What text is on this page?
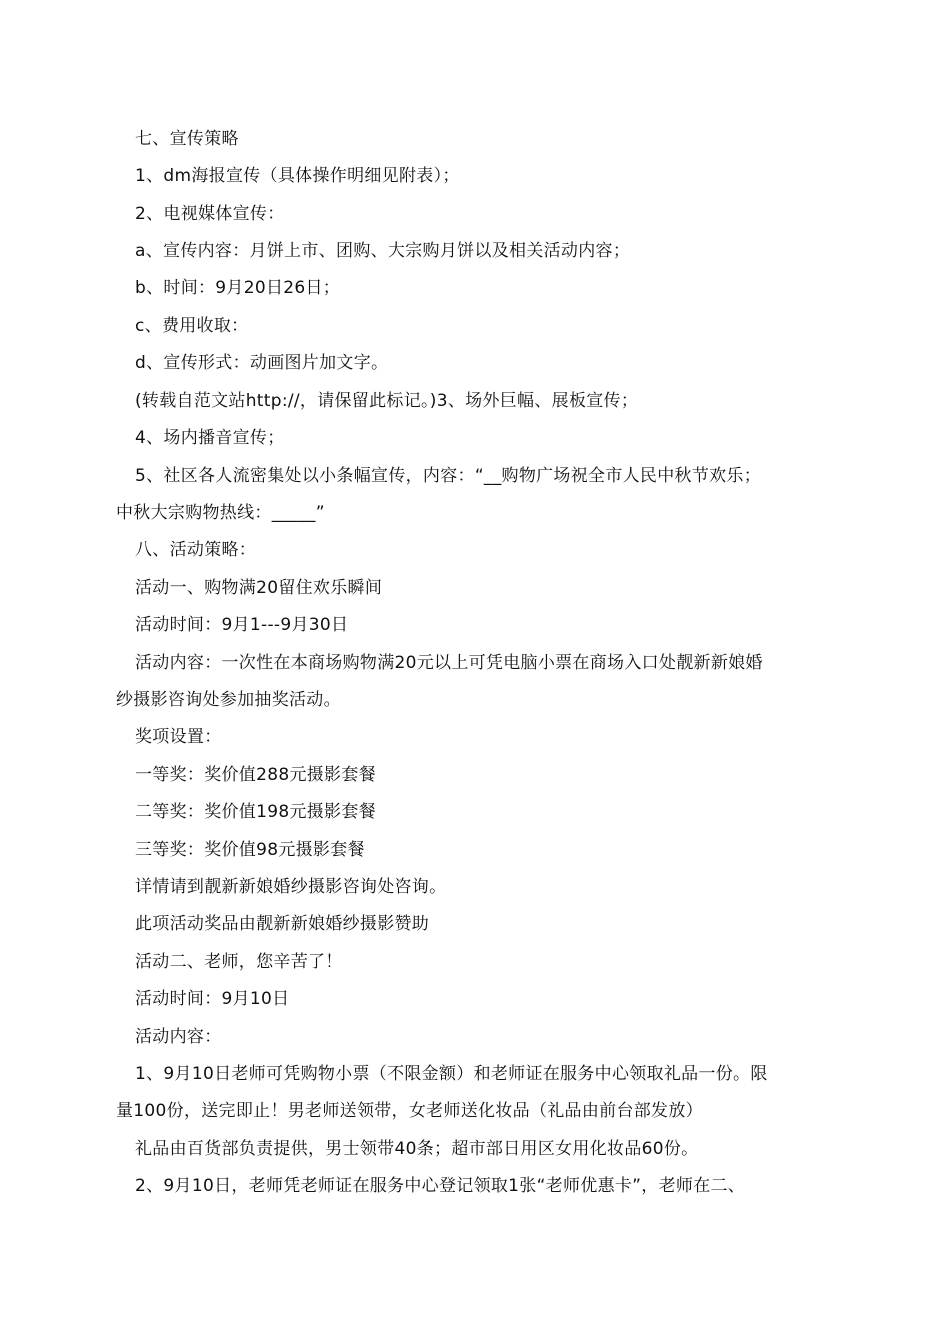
七、宣传策略
1、dm海报宣传（具体操作明细见附表）；
2、电视媒体宣传：
a、宣传内容：月饼上市、团购、大宗购月饼以及相关活动内容；
b、时间：9月20日26日；
c、费用收取：
d、宣传形式：动画图片加文字。
(转载自范文站http://，请保留此标记。)3、场外巨幅、展板宣传；
4、场内播音宣传；
5、社区各人流密集处以小条幅宣传，内容：“__购物广场祝全市人民中秋节欢乐；
中秋大宗购物热线：_____”
八、活动策略：
活动一、购物满20留住欢乐瞬间
活动时间：9月1---9月30日
活动内容：一次性在本商场购物满20元以上可凭电脑小票在商场入口处靓新新娘婚
纱摄影咨询处参加抽奖活动。
奖项设置：
一等奖：奖价值288元摄影套餐
二等奖：奖价值198元摄影套餐
三等奖：奖价值98元摄影套餐
详情请到靓新新娘婚纱摄影咨询处咨询。
此项活动奖品由靓新新娘婚纱摄影赞助
活动二、老师，您辛苦了！
活动时间：9月10日
活动内容：
1、9月10日老师可凭购物小票（不限金额）和老师证在服务中心领取礼品一份。限
量100份，送完即止！男老师送领带，女老师送化妆品（礼品由前台部发放）
礼品由百货部负责提供，男士领带40条；超市部日用区女用化妆品60份。
2、9月10日，老师凭老师证在服务中心登记领取1张“老师优惠卡”，老师在二、
